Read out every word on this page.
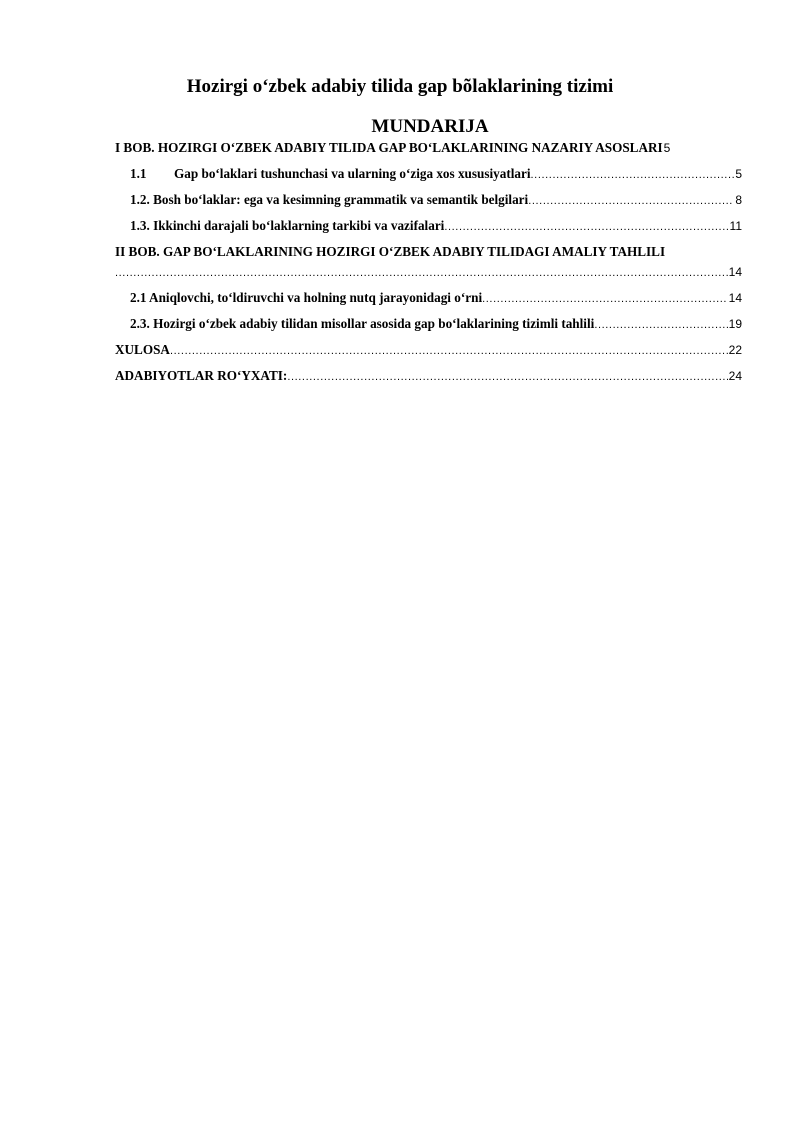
Hozirgi oʻzbek adabiy tilida gap bõlaklarining tizimi
MUNDARIJA
I BOB. HOZIRGI OʻZBEK ADABIY TILIDA GAP BOʻLAKLARINING NAZARIY ASOSLARI 5
1.1 Gap boʻlaklari tushunchasi va ularning oʻziga xos xususiyatlari .....	5
1.2. Bosh boʻlaklar: ega va kesimning grammatik va semantik belgilari .....	8
1.3. Ikkinchi darajali boʻlaklarning tarkibi va vazifalari .....	11
II BOB. GAP BOʻLAKLARINING HOZIRGI OʻZBEK ADABIY TILIDAGI AMALIY TAHLILI
.....
14
2.1 Aniqlovchi, toʻldiruvchi va holning nutq jarayonidagi oʻrni .....	14
2.3. Hozirgi oʻzbek adabiy tilidan misollar asosida gap boʻlaklarining tizimli tahlili .....	19
XULOSA .....	22
ADABIYOTLAR ROʻYXATI: .....	24
